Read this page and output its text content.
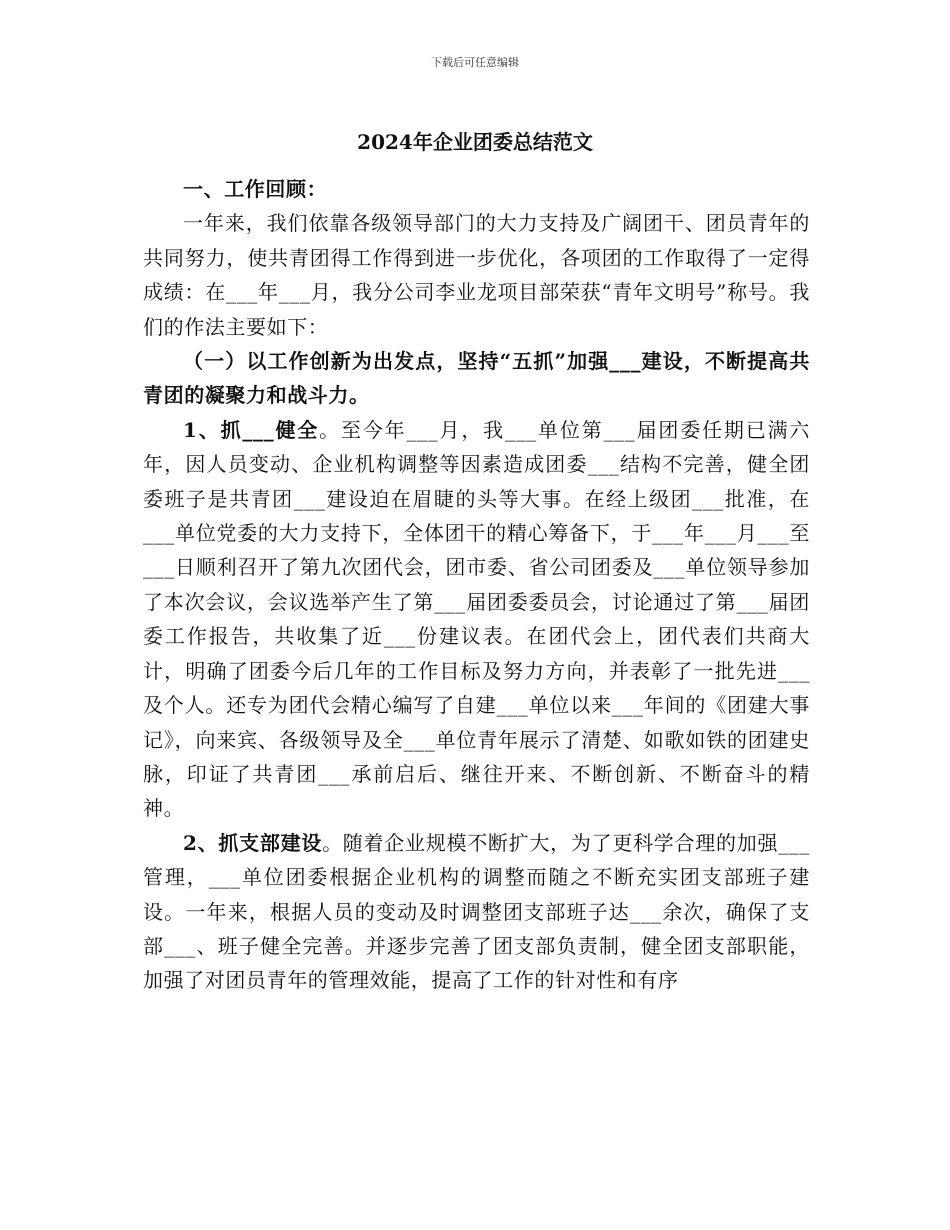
下载后可任意编辑
2024年企业团委总结范文

一、工作回顾：

一年来，我们依靠各级领导部门的大力支持及广阔团干、团员青年的共同努力，使共青团得工作得到进一步优化，各项团的工作取得了一定得成绩：在___年___月，我分公司李业龙项目部荣获“青年文明号”称号。我们的作法主要如下：

（一）以工作创新为出发点，坚持“五抓”加强___建设，不断提高共青团的凝聚力和战斗力。

1、抓___健全。至今年___月，我___单位第___届团委任期已满六年，因人员变动、企业机构调整等因素造成团委___结构不完善，健全团委班子是共青团___建设迫在眉睫的头等大事。在经上级团___批准，在___单位党委的大力支持下，全体团干的精心筹备下，于___年___月___至___日顺利召开了第九次团代会，团市委、省公司团委及___单位领导参加了本次会议，会议选举产生了第___届团委委员会，讨论通过了第___届团委工作报告，共收集了近___份建议表。在团代会上，团代表们共商大计，明确了团委今后几年的工作目标及努力方向，并表彰了一批先进___及个人。还专为团代会精心编写了自建___单位以来___年间的《团建大事记》，向来宾、各级领导及全___单位青年展示了清楚、如歌如铁的团建史脉，印证了共青团___承前启后、继往开来、不断创新、不断奋斗的精神。

2、抓支部建设。随着企业规模不断扩大，为了更科学合理的加强___管理，___单位团委根据企业机构的调整而随之不断充实团支部班子建设。一年来，根据人员的变动及时调整团支部班子达___余次，确保了支部___、班子健全完善。并逐步完善了团支部负责制，健全团支部职能，加强了对团员青年的管理效能，提高了工作的针对性和有序
